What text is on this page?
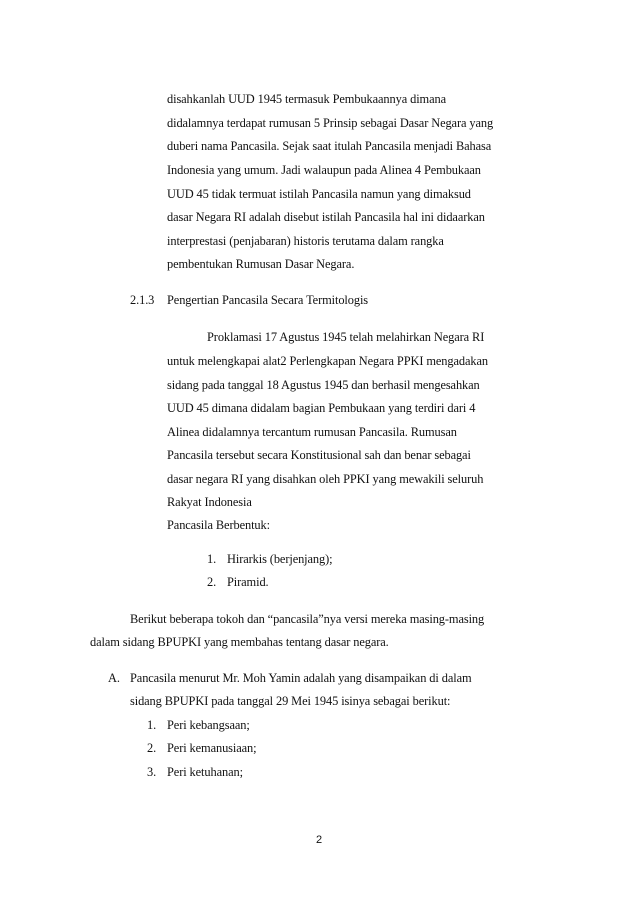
disahkanlah UUD 1945 termasuk Pembukaannya dimana
didalamnya terdapat rumusan 5 Prinsip sebagai Dasar Negara yang
duberi nama Pancasila. Sejak saat itulah Pancasila menjadi Bahasa
Indonesia yang umum. Jadi walaupun pada Alinea 4 Pembukaan
UUD 45 tidak termuat istilah Pancasila namun yang dimaksud
dasar Negara RI adalah disebut istilah Pancasila hal ini didaarkan
interprestasi (penjabaran) historis terutama dalam rangka
pembentukan Rumusan Dasar Negara.
2.1.3 Pengertian Pancasila Secara Termitologis
Proklamasi 17 Agustus 1945 telah melahirkan Negara RI
untuk melengkapai alat2 Perlengkapan Negara PPKI mengadakan
sidang pada tanggal 18 Agustus 1945 dan berhasil mengesahkan
UUD 45 dimana didalam bagian Pembukaan yang terdiri dari 4
Alinea didalamnya tercantum rumusan Pancasila. Rumusan
Pancasila tersebut secara Konstitusional sah dan benar sebagai
dasar negara RI yang disahkan oleh PPKI yang mewakili seluruh
Rakyat Indonesia
Pancasila Berbentuk:
1. Hirarkis (berjenjang);
2. Piramid.
Berikut beberapa tokoh dan “pancasila”nya versi mereka masing-masing
dalam sidang BPUPKI yang membahas tentang dasar negara.
A. Pancasila menurut Mr. Moh Yamin adalah yang disampaikan di dalam
sidang BPUPKI pada tanggal 29 Mei 1945 isinya sebagai berikut:
1. Peri kebangsaan;
2. Peri kemanusiaan;
3. Peri ketuhanan;
2
